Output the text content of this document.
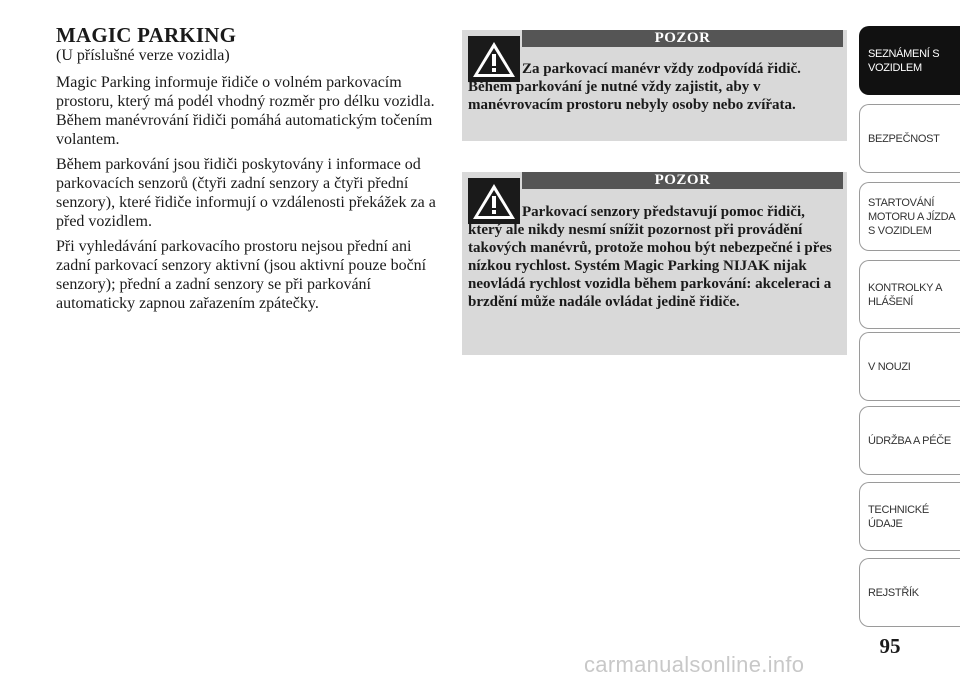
MAGIC PARKING

(U příslušné verze vozidla)

Magic Parking informuje řidiče o volném parkovacím prostoru, který má podél vhodný rozměr pro délku vozidla. Během manévrování řidiči pomáhá automatickým točením volantem.

Během parkování jsou řidiči poskytovány i informace od parkovacích senzorů (čtyři zadní senzory a čtyři přední senzory), které řidiče informují o vzdálenosti překážek za a před vozidlem.

Při vyhledávání parkovacího prostoru nejsou přední ani zadní parkovací senzory aktivní (jsou aktivní pouze boční senzory); přední a zadní senzory se při parkování automaticky zapnou zařazením zpátečky.

POZOR
Za parkovací manévr vždy zodpovídá řidič. Během parkování je nutné vždy zajistit, aby v manévrovacím prostoru nebyly osoby nebo zvířata.
POZOR
Parkovací senzory představují pomoc řidiči, který ale nikdy nesmí snížit pozornost při provádění takových manévrů, protože mohou být nebezpečné i přes nízkou rychlost. Systém Magic Parking NIJAK nijak neovládá rychlost vozidla během parkování: akceleraci a brzdění může nadále ovládat jedině řidiče.
SEZNÁMENÍ S
VOZIDLEM
BEZPEČNOST
STARTOVÁNÍ
MOTORU A JÍZDA
S VOZIDLEM
KONTROLKY A
HLÁŠENÍ
V NOUZI
ÚDRŽBA A PÉČE
TECHNICKÉ
ÚDAJE
REJSTŘÍK
95
carmanualsonline.info
